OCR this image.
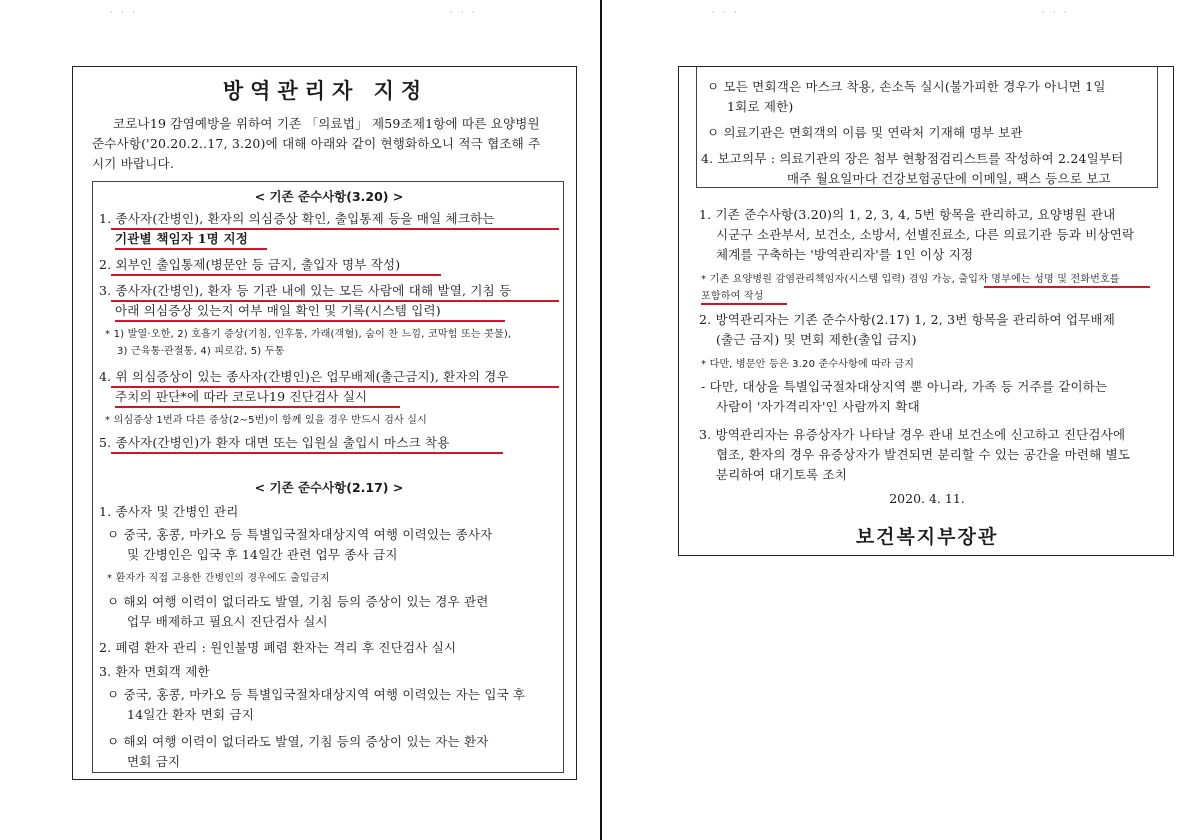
· · ·	· · ·
방역관리자 지정
코로나19 감염예방을 위하여 기존 「의료법」 제59조제1항에 따른 요양병원
준수사항('20.20.2..17, 3.20)에 대해 아래와 같이 현행화하오니 적극 협조해 주
시기 바랍니다.
< 기존 준수사항(3.20) >
1. 종사자(간병인), 환자의 의심증상 확인, 출입통제 등을 매일 체크하는
기관별 책임자 1명 지정
2. 외부인 출입통제(병문안 등 금지, 출입자 명부 작성)
3. 종사자(간병인), 환자 등 기관 내에 있는 모든 사람에 대해 발열, 기침 등
아래 의심증상 있는지 여부 매일 확인 및 기록(시스템 입력)
* 1) 발열·오한, 2) 호흡기 증상(기침, 인후통, 가래(객혈), 숨이 찬 느낌, 코막힘 또는 콧물),
3) 근육통·관절통, 4) 피로감, 5) 두통
4. 위 의심증상이 있는 종사자(간병인)은 업무배제(출근금지), 환자의 경우
주치의 판단*에 따라 코로나19 진단검사 실시
* 의심증상 1번과 다른 증상(2~5번)이 함께 있을 경우 반드시 검사 실시
5. 종사자(간병인)가 환자 대면 또는 입원실 출입시 마스크 착용
< 기존 준수사항(2.17) >
1. 종사자 및 간병인 관리
ㅇ 중국, 홍콩, 마카오 등 특별입국절차대상지역 여행 이력있는 종사자
및 간병인은 입국 후 14일간 관련 업무 종사 금지
* 환자가 직접 고용한 간병인의 경우에도 출입금지
ㅇ 해외 여행 이력이 없더라도 발열, 기침 등의 증상이 있는 경우 관련
업무 배제하고 필요시 진단검사 실시
2. 폐렴 환자 관리 : 원인불명 폐렴 환자는 격리 후 진단검사 실시
3. 환자 면회객 제한
ㅇ 중국, 홍콩, 마카오 등 특별입국절차대상지역 여행 이력있는 자는 입국 후
14일간 환자 면회 금지
ㅇ 해외 여행 이력이 없더라도 발열, 기침 등의 증상이 있는 자는 환자
면회 금지
· · ·	· · ·
ㅇ 모든 면회객은 마스크 착용, 손소독 실시(불가피한 경우가 아니면 1일
1회로 제한)
ㅇ 의료기관은 면회객의 이름 및 연락처 기재해 명부 보관
4. 보고의무 : 의료기관의 장은 첨부 현황점검리스트를 작성하여 2.24일부터
매주 월요일마다 건강보험공단에 이메일, 팩스 등으로 보고
1. 기존 준수사항(3.20)의 1, 2, 3, 4, 5번 항목을 관리하고, 요양병원 관내
시군구 소관부서, 보건소, 소방서, 선별진료소, 다른 의료기관 등과 비상연락
체계를 구축하는 '방역관리자'를 1인 이상 지정
* 기존 요양병원 감염관리책임자(시스템 입력) 겸임 가능, 출입자 명부에는 성명 및 전화번호를
포함하여 작성
2. 방역관리자는 기존 준수사항(2.17) 1, 2, 3번 항목을 관리하여 업무배제
(출근 금지) 및 면회 제한(출입 금지)
* 다만, 병문안 등은 3.20 준수사항에 따라 금지
- 다만, 대상을 특별입국절차대상지역 뿐 아니라, 가족 등 거주를 같이하는
사람이 '자가격리자'인 사람까지 확대
3. 방역관리자는 유증상자가 나타날 경우 관내 보건소에 신고하고 진단검사에
협조, 환자의 경우 유증상자가 발견되면 분리할 수 있는 공간을 마련해 별도
분리하여 대기토록 조치
2020. 4. 11.
보건복지부장관
